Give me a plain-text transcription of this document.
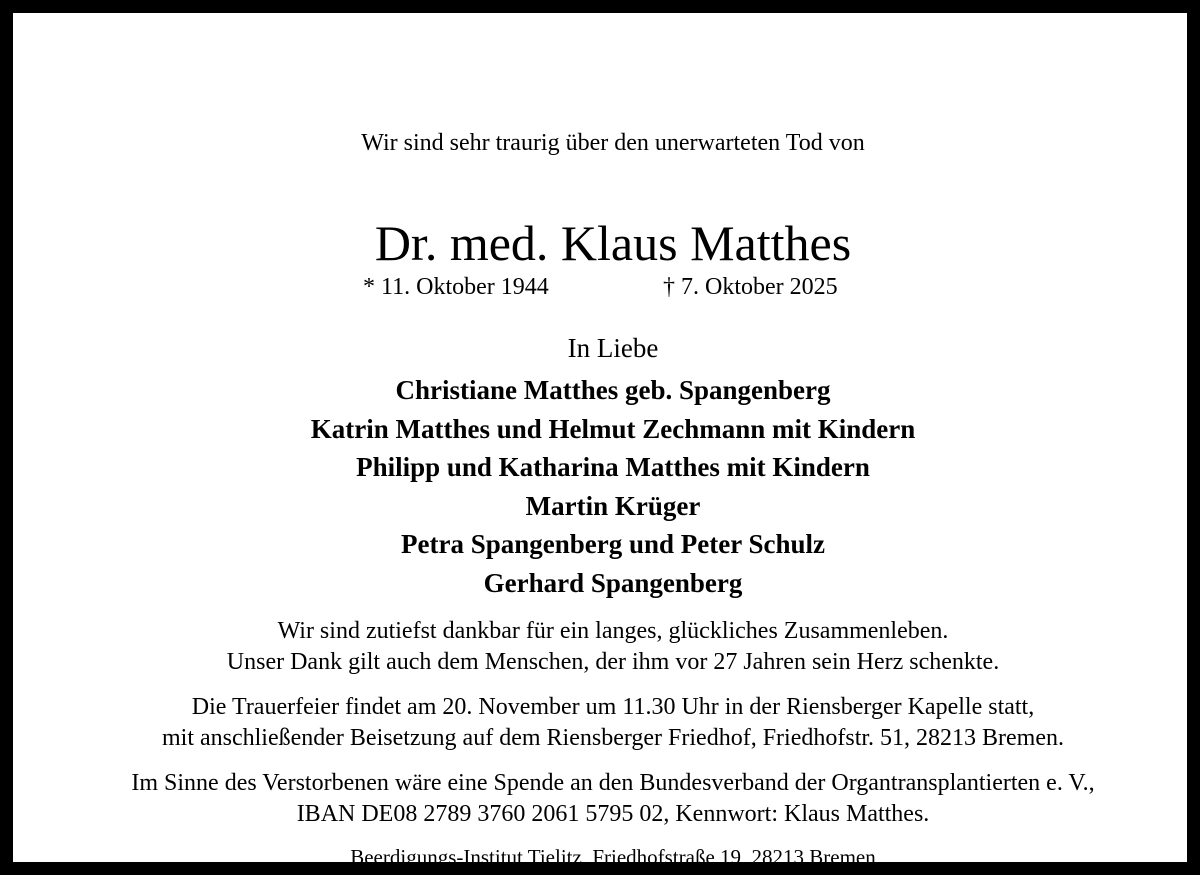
Wir sind sehr traurig über den unerwarteten Tod von
Dr. med. Klaus Matthes
* 11. Oktober 1944	† 7. Oktober 2025
In Liebe
Christiane Matthes geb. Spangenberg
Katrin Matthes und Helmut Zechmann mit Kindern
Philipp und Katharina Matthes mit Kindern
Martin Krüger
Petra Spangenberg und Peter Schulz
Gerhard Spangenberg
Wir sind zutiefst dankbar für ein langes, glückliches Zusammenleben.
Unser Dank gilt auch dem Menschen, der ihm vor 27 Jahren sein Herz schenkte.
Die Trauerfeier findet am 20. November um 11.30 Uhr in der Riensberger Kapelle statt,
mit anschließender Beisetzung auf dem Riensberger Friedhof, Friedhofstr. 51, 28213 Bremen.
Im Sinne des Verstorbenen wäre eine Spende an den Bundesverband der Organtransplantierten e. V.,
IBAN DE08 2789 3760 2061 5795 02, Kennwort: Klaus Matthes.
Beerdigungs-Institut Tielitz, Friedhofstraße 19, 28213 Bremen
